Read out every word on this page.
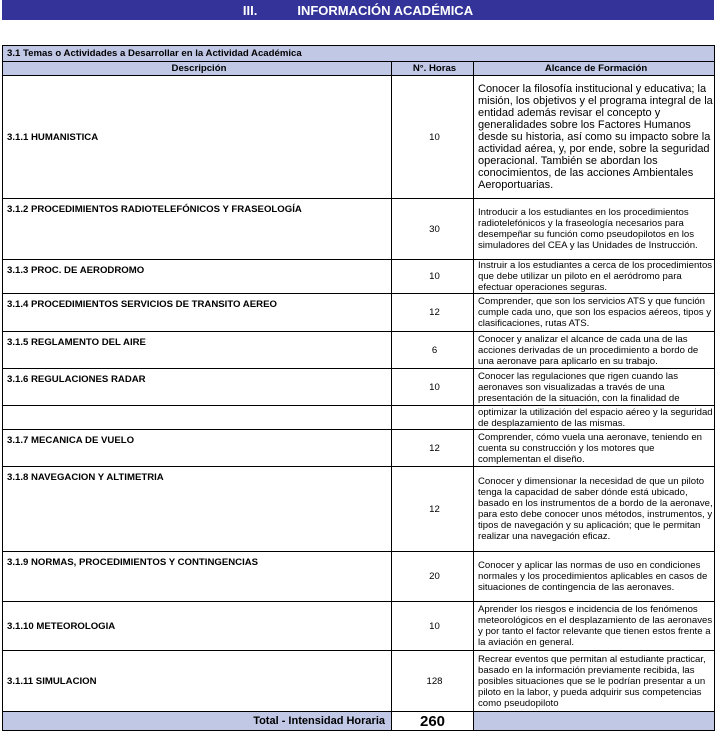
III.	INFORMACIÓN ACADÉMICA
3.1 Temas o Actividades a Desarrollar en la Actividad Académica		
Descripción	N°. Horas	Alcance de Formación
3.1.1 HUMANISTICA	10	Conocer la filosofía institucional y educativa; la misión, los objetivos y el programa integral de la entidad además revisar el concepto y generalidades sobre los Factores Humanos desde su historia, así como su impacto sobre la actividad aérea, y, por ende, sobre la seguridad operacional. También se abordan los conocimientos, de las acciones Ambientales Aeroportuarias.
3.1.2 PROCEDIMIENTOS RADIOTELEFÓNICOS Y FRASEOLOGÍA	30	Introducir a los estudiantes en los procedimientos radiotelefónicos y la fraseología necesarios para desempeñar su función como pseudopilotos en los simuladores del CEA y las Unidades de Instrucción.
3.1.3 PROC. DE AERODROMO	10	Instruir a los estudiantes a cerca de los procedimientos que debe utilizar un piloto en el aeródromo para efectuar operaciones seguras.
3.1.4 PROCEDIMIENTOS SERVICIOS DE TRANSITO AEREO	12	Comprender, que son los servicios ATS y que función cumple cada uno, que son los espacios aéreos, tipos y clasificaciones, rutas ATS.
3.1.5 REGLAMENTO DEL AIRE	6	Conocer y analizar el alcance de cada una de las acciones derivadas de un procedimiento a bordo de una aeronave para aplicarlo en su trabajo.
3.1.6 REGULACIONES RADAR	10	Conocer las regulaciones que rigen cuando las aeronaves son visualizadas a través de una presentación de la situación, con la finalidad de
		optimizar la utilización del espacio aéreo y la seguridad de desplazamiento de las mismas.
3.1.7 MECANICA DE VUELO	12	Comprender, cómo vuela una aeronave, teniendo en cuenta su construcción y los motores que complementan el diseño.
3.1.8 NAVEGACION Y ALTIMETRIA	12	Conocer y dimensionar la necesidad de que un piloto tenga la capacidad de saber dónde está ubicado, basado en los instrumentos de a bordo de la aeronave, para esto debe conocer unos métodos, instrumentos, y tipos de navegación y su aplicación; que le permitan realizar una navegación eficaz.
3.1.9 NORMAS, PROCEDIMIENTOS Y CONTINGENCIAS	20	Conocer y aplicar las normas de uso en condiciones normales y los procedimientos aplicables en casos de situaciones de contingencia de las aeronaves.
3.1.10 METEOROLOGIA	10	Aprender los riesgos e incidencia de los fenómenos meteorológicos en el desplazamiento de las aeronaves y por tanto el factor relevante que tienen estos frente a la aviación en general.
3.1.11 SIMULACION	128	Recrear eventos que permitan al estudiante practicar, basado en la información previamente recibida, las posibles situaciones que se le podrían presentar a un piloto en la labor, y pueda adquirir sus competencias como pseudopiloto
Total - Intensidad Horaria	260	
